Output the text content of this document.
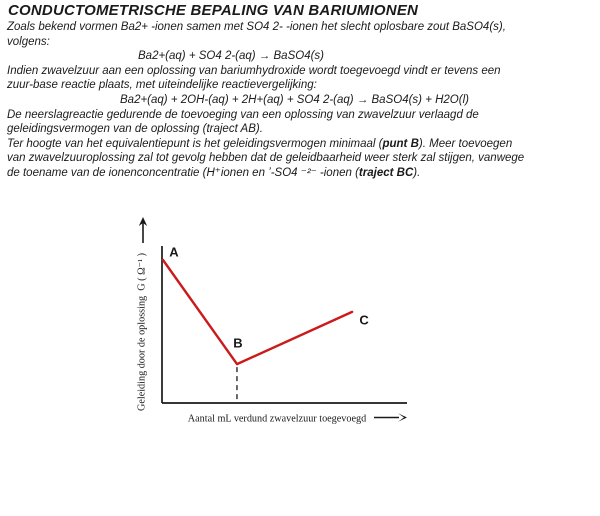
CONDUCTOMETRISCHE BEPALING VAN BARIUMIONEN
Zoals bekend vormen Ba2+ -ionen samen met SO4 2- -ionen het slecht oplosbare zout BaSO4(s),
volgens:
Ba2+(aq) + SO4 2-(aq) → BaSO4(s)
Indien zwavelzuur aan een oplossing van bariumhydroxide wordt toegevoegd vindt er tevens een
zuur-base reactie plaats, met uiteindelijke reactievergelijking:
Ba2+(aq) + 2OH-(aq) + 2H+(aq) + SO4 2-(aq) → BaSO4(s) + H2O(l)
De neerslagreactie gedurende de toevoeging van een oplossing van zwavelzuur verlaagd de
geleidingsvermogen van de oplossing (traject AB).
Ter hoogte van het equivalentiepunt is het geleidingsvermogen minimaal (punt B). Meer toevoegen
van zwavelzuuroplossing zal tot gevolg hebben dat de geleidbaarheid weer sterk zal stijgen, vanwege
de toename van de ionenconcentratie (H⁺ionen en ʼ-SO4 ⁻²⁻ -ionen (traject BC).
A
B
C
Geleiding door de oplossing  G ( Ω⁻¹ )
Aantal mL verdund zwavelzuur toegevoegd
